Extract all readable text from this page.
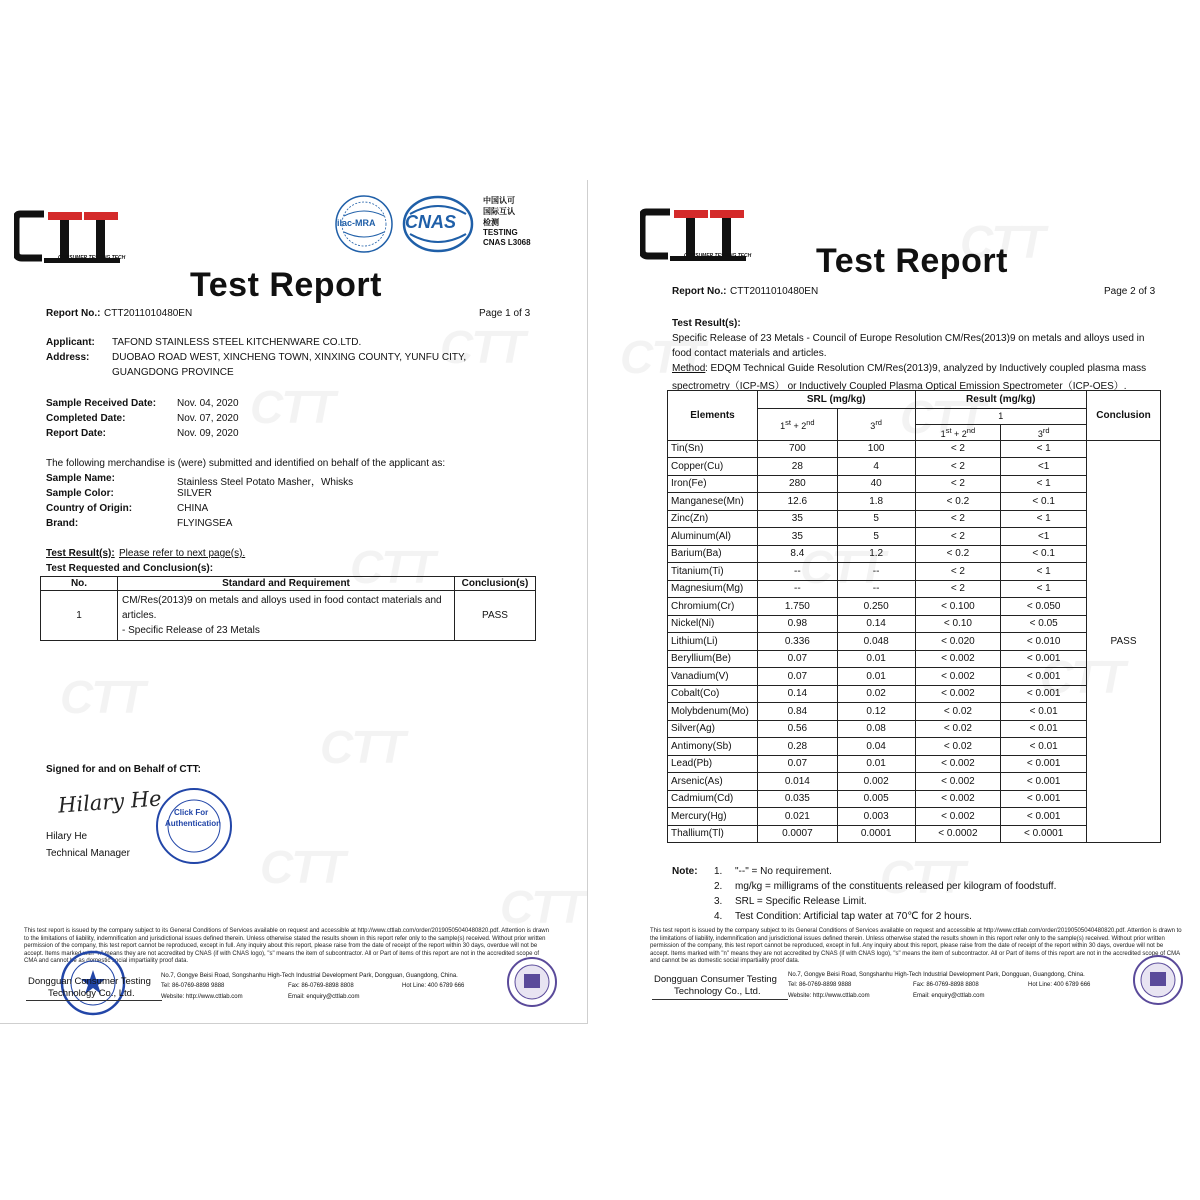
CONSUMER TESTING TECH
ilac-MRA CNAS
中国认可
国际互认
检测
TESTING
CNAS L3068
Test Report
Report No.: CTT2011010480EN	Page 1 of 3
Applicant: TAFOND STAINLESS STEEL KITCHENWARE CO.LTD.
Address: DUOBAO ROAD WEST, XINCHENG TOWN, XINXING COUNTY, YUNFU CITY,
GUANGDONG PROVINCE
Sample Received Date: Nov. 04, 2020
Completed Date:	Nov. 07, 2020
Report Date:	Nov. 09, 2020
The following merchandise is (were) submitted and identified on behalf of the applicant as:
Sample Name:	Stainless Steel Potato Masher，Whisks
Sample Color:	SILVER
Country of Origin:	CHINA
Brand:	FLYINGSEA
Test Result(s): Please refer to next page(s).
Test Requested and Conclusion(s):
No.	Standard and Requirement	Conclusion(s)
1	CM/Res(2013)9 on metals and alloys used in food contact materials and
articles.
- Specific Release of 23 Metals	PASS
Signed for and on Behalf of CTT:
Hilary He
Hilary He
Technical Manager
Click For
Authentication
This test report is issued by the company subject to its General Conditions of Services available on request and accessible at http://www.cttlab.com/order/20190505040480820.pdf. Attention is drawn to the limitations of liability, indemnification and jurisdictional issues defined therein. Unless otherwise stated the results shown in this report refer only to the sample(s) received. Without prior written permission of the company, this test report cannot be reproduced, except in full. Any inquiry about this report, please raise from the date of receipt of the report within 30 days, overdue will not be accept. Items marked with "n" means they are not accredited by CNAS (if with CNAS logo), "s" means the item of subcontractor. All or Part of items of this report are not in the accredited scope of CMA and cannot be as domestic social impartiality proof data.
Dongguan Consumer Testing
Technology Co., Ltd.
No.7, Gongye Beisi Road, Songshanhu High-Tech Industrial Development Park, Dongguan, Guangdong, China.
Tel: 86-0769-8898 9888	Fax: 86-0769-8898 8808	Hot Line: 400 6789 666
Website: http://www.cttlab.com	Email: enquiry@cttlab.com
CONSUMER TESTING TECH Test Report
Report No.: CTT2011010480EN	Page 2 of 3
Test Result(s):
Specific Release of 23 Metals - Council of Europe Resolution CM/Res(2013)9 on metals and alloys used in
food contact materials and articles.
Method : EDQM Technical Guide Resolution CM/Res(2013)9, analyzed by Inductively coupled plasma mass
spectrometry（ICP-MS） or Inductively Coupled Plasma Optical Emission Spectrometer（ICP-OES）.
Elements	SRL (mg/kg)		Result (mg/kg)		Conclusion
	1st + 2nd	3rd	1		
			1st + 2nd	3rd
Tin(Sn)	700	100	< 2	< 1	PASS
Copper(Cu)	28	4	< 2	<1	
Iron(Fe)	280	40	< 2	< 1	
Manganese(Mn)	12.6	1.8	< 0.2	< 0.1	
Zinc(Zn)	35	5	< 2	< 1	
Aluminum(Al)	35	5	< 2	<1	
Barium(Ba)	8.4	1.2	< 0.2	< 0.1	
Titanium(Ti)	--	--	< 2	< 1	
Magnesium(Mg)	--	--	< 2	< 1	
Chromium(Cr)	1.750	0.250	< 0.100	< 0.050	
Nickel(Ni)	0.98	0.14	< 0.10	< 0.05	
Lithium(Li)	0.336	0.048	< 0.020	< 0.010	
Beryllium(Be)	0.07	0.01	< 0.002	< 0.001	
Vanadium(V)	0.07	0.01	< 0.002	< 0.001	
Cobalt(Co)	0.14	0.02	< 0.002	< 0.001	
Molybdenum(Mo)	0.84	0.12	< 0.02	< 0.01	
Silver(Ag)	0.56	0.08	< 0.02	< 0.01	
Antimony(Sb)	0.28	0.04	< 0.02	< 0.01	
Lead(Pb)	0.07	0.01	< 0.002	< 0.001	
Arsenic(As)	0.014	0.002	< 0.002	< 0.001	
Cadmium(Cd)	0.035	0.005	< 0.002	< 0.001	
Mercury(Hg)	0.021	0.003	< 0.002	< 0.001	
Thallium(Tl)	0.0007	0.0001	< 0.0002	< 0.0001	
Note: 1. "--" = No requirement.
2. mg/kg = milligrams of the constituents released per kilogram of foodstuff.
3. SRL = Specific Release Limit.
4. Test Condition: Artificial tap water at 70℃ for 2 hours.
This test report is issued by the company subject to its General Conditions of Services available on request and accessible at http://www.cttlab.com/order/20190505040480820.pdf. Attention is drawn to the limitations of liability, indemnification and jurisdictional issues defined therein. Unless otherwise stated the results shown in this report refer only to the sample(s) received. Without prior written permission of the company, this test report cannot be reproduced, except in full. Any inquiry about this report, please raise from the date of receipt of the report within 30 days, overdue will not be accept. Items marked with "n" means they are not accredited by CNAS (if with CNAS logo), "s" means the item of subcontractor. All or Part of items of this report are not in the accredited scope of CMA and cannot be as domestic social impartiality proof data.
Dongguan Consumer Testing
Technology Co., Ltd.
No.7, Gongye Beisi Road, Songshanhu High-Tech Industrial Development Park, Dongguan, Guangdong, China.
Tel: 86-0769-8898 9888	Fax: 86-0769-8898 8808	Hot Line: 400 6789 666
Website: http://www.cttlab.com	Email: enquiry@cttlab.com
